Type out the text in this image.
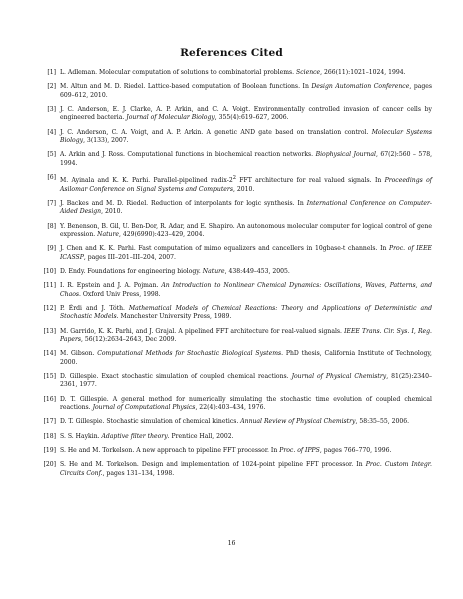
References Cited
[ 1 ]	L. Adleman. Molecular computation of solutions to combinatorial problems. Science, 266(11):1021–1024, 1994.
[ 2 ]	M. Altun and M. D. Riedel. Lattice-based computation of Boolean functions. In Design Automation Conference, pages 609–612, 2010.
[ 3 ]	J. C. Anderson, E. J. Clarke, A. P. Arkin, and C. A. Voigt. Environmentally controlled invasion of cancer cells by engineered bacteria. Journal of Molecular Biology, 355(4):619–627, 2006.
[ 4 ]	J. C. Anderson, C. A. Voigt, and A. P. Arkin. A genetic AND gate based on translation control. Molecular Systems Biology, 3(133), 2007.
[ 5 ]	A. Arkin and J. Ross. Computational functions in biochemical reaction networks. Biophysical Journal, 67(2):560 – 578, 1994.
[ 6 ]	M. Ayinala and K. K. Parhi. Parallel-pipelined radix-$2^2$ FFT architecture for real valued signals. In Proceedings of Asilomar Conference on Signal Systems and Computers, 2010.
[ 7 ]	J. Backes and M. D. Riedel. Reduction of interpolants for logic synthesis. In International Conference on Computer-Aided Design, 2010.
[ 8 ]	Y. Benenson, B. Gil, U. Ben-Dor, R. Adar, and E. Shapiro. An autonomous molecular computer for logical control of gene expression. Nature, 429(6990):423–429, 2004.
[ 9 ]	J. Chen and K. K. Parhi. Fast computation of mimo equalizers and cancellers in 10gbase-t channels. In Proc. of IEEE ICASSP, pages III–201–III–204, 2007.
[ 10 ]	D. Endy. Foundations for engineering biology. Nature, 438:449–453, 2005.
[ 11 ]	I. R. Epstein and J. A. Pojman. An Introduction to Nonlinear Chemical Dynamics: Oscillations, Waves, Patterns, and Chaos. Oxford Univ Press, 1998.
[ 12 ]	P. Érdi and J. Tóth. Mathematical Models of Chemical Reactions: Theory and Applications of Deterministic and Stochastic Models. Manchester University Press, 1989.
[ 13 ]	M. Garrido, K. K. Parhi, and J. Grajal. A pipelined FFT architecture for real-valued signals. IEEE Trans. Cir. Sys. I, Reg. Papers, 56(12):2634–2643, Dec 2009.
[ 14 ]	M. Gibson. Computational Methods for Stochastic Biological Systems. PhD thesis, California Institute of Technology, 2000.
[ 15 ]	D. Gillespie. Exact stochastic simulation of coupled chemical reactions. Journal of Physical Chemistry, 81(25):2340–2361, 1977.
[ 16 ]	D. T. Gillespie. A general method for numerically simulating the stochastic time evolution of coupled chemical reactions. Journal of Computational Physics, 22(4):403–434, 1976.
[ 17 ]	D. T. Gillespie. Stochastic simulation of chemical kinetics. Annual Review of Physical Chemistry, 58:35–55, 2006.
[ 18 ]	S. S. Haykin. Adaptive filter theory. Prentice Hall, 2002.
[ 19 ]	S. He and M. Torkelson. A new approach to pipeline FFT processor. In Proc. of IPPS, pages 766–770, 1996.
[ 20 ]	S. He and M. Torkelson. Design and implementation of 1024-point pipeline FFT processor. In Proc. Custom Integr. Circuits Conf., pages 131–134, 1998.
16
